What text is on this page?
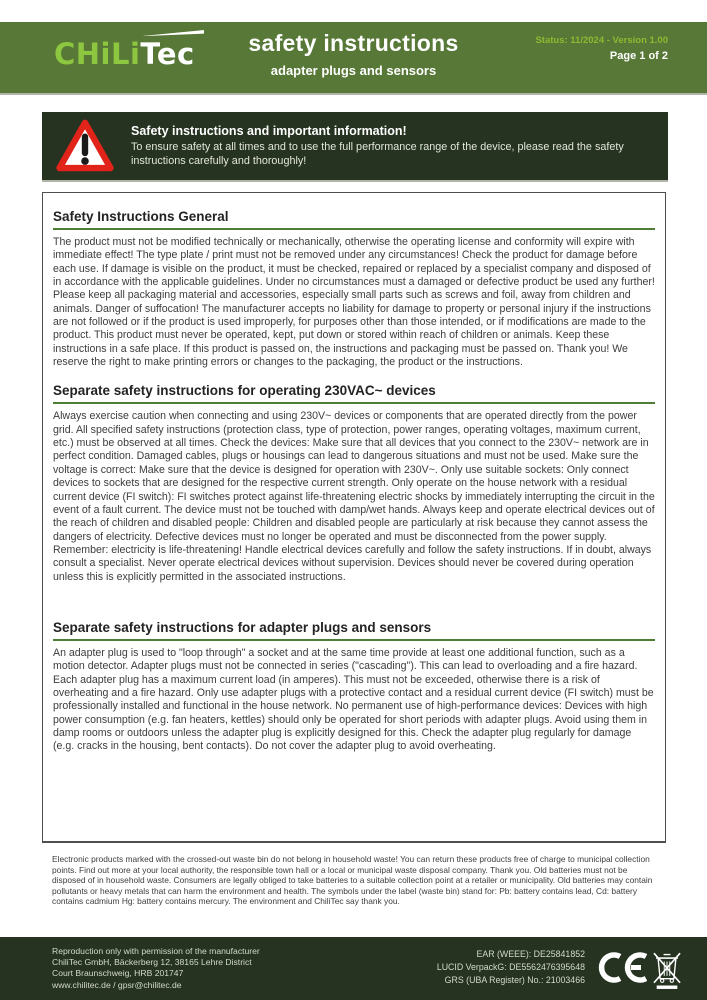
CHiLi
Tec	safety instructions
adapter plugs and sensors
Status: 11/2024 - Version 1.00
Page 1 of 2
Safety instructions and important information!
To ensure safety at all times and to use the full performance range of the device, please read the safety instructions carefully and thoroughly!
Safety Instructions General

The product must not be modified technically or mechanically, otherwise the operating license and conformity will expire with immediate effect! The type plate / print must not be removed under any circumstances! Check the product for damage before each use. If damage is visible on the product, it must be checked, repaired or replaced by a specialist company and disposed of in accordance with the applicable guidelines. Under no circumstances must a damaged or defective product be used any further! Please keep all packaging material and accessories, especially small parts such as screws and foil, away from children and animals. Danger of suffocation! The manufacturer accepts no liability for damage to property or personal injury if the instructions are not followed or if the product is used improperly, for purposes other than those intended, or if modifications are made to the product. This product must never be operated, kept, put down or stored within reach of children or animals. Keep these instructions in a safe place. If this product is passed on, the instructions and packaging must be passed on. Thank you! We reserve the right to make printing errors or changes to the packaging, the product or the instructions.

Separate safety instructions for operating 230VAC~ devices

Always exercise caution when connecting and using 230V~ devices or components that are operated directly from the power grid. All specified safety instructions (protection class, type of protection, power ranges, operating voltages, maximum current, etc.) must be observed at all times. Check the devices: Make sure that all devices that you connect to the 230V~ network are in perfect condition. Damaged cables, plugs or housings can lead to dangerous situations and must not be used. Make sure the voltage is correct: Make sure that the device is designed for operation with 230V~. Only use suitable sockets: Only connect devices to sockets that are designed for the respective current strength. Only operate on the house network with a residual current device (FI switch): FI switches protect against life-threatening electric shocks by immediately interrupting the circuit in the event of a fault current. The device must not be touched with damp/wet hands. Always keep and operate electrical devices out of the reach of children and disabled people: Children and disabled people are particularly at risk because they cannot assess the dangers of electricity. Defective devices must no longer be operated and must be disconnected from the power supply. Remember: electricity is life-threatening! Handle electrical devices carefully and follow the safety instructions. If in doubt, always consult a specialist. Never operate electrical devices without supervision. Devices should never be covered during operation unless this is explicitly permitted in the associated instructions.

Separate safety instructions for adapter plugs and sensors

An adapter plug is used to "loop through" a socket and at the same time provide at least one additional function, such as a motion detector. Adapter plugs must not be connected in series ("cascading"). This can lead to overloading and a fire hazard. Each adapter plug has a maximum current load (in amperes). This must not be exceeded, otherwise there is a risk of overheating and a fire hazard. Only use adapter plugs with a protective contact and a residual current device (FI switch) must be professionally installed and functional in the house network. No permanent use of high-performance devices: Devices with high power consumption (e.g. fan heaters, kettles) should only be operated for short periods with adapter plugs. Avoid using them in damp rooms or outdoors unless the adapter plug is explicitly designed for this. Check the adapter plug regularly for damage (e.g. cracks in the housing, bent contacts). Do not cover the adapter plug to avoid overheating.

Electronic products marked with the crossed-out waste bin do not belong in household waste! You can return these products free of charge to municipal collection points. Find out more at your local authority, the responsible town hall or a local or municipal waste disposal company. Thank you. Old batteries must not be disposed of in household waste. Consumers are legally obliged to take batteries to a suitable collection point at a retailer or municipality. Old batteries may contain pollutants or heavy metals that can harm the environment and health. The symbols under the label (waste bin) stand for: Pb: battery contains lead, Cd: battery contains cadmium Hg: battery contains mercury. The environment and ChiliTec say thank you.
Reproduction only with permission of the manufacturer
ChiliTec GmbH, Bäckerberg 12, 38165 Lehre District
Court Braunschweig, HRB 201747
www.chilitec.de / gpsr@chilitec.de
EAR (WEEE): DE25841852
LUCID VerpackG: DE5562476395648
GRS (UBA Register) No.: 21003466
